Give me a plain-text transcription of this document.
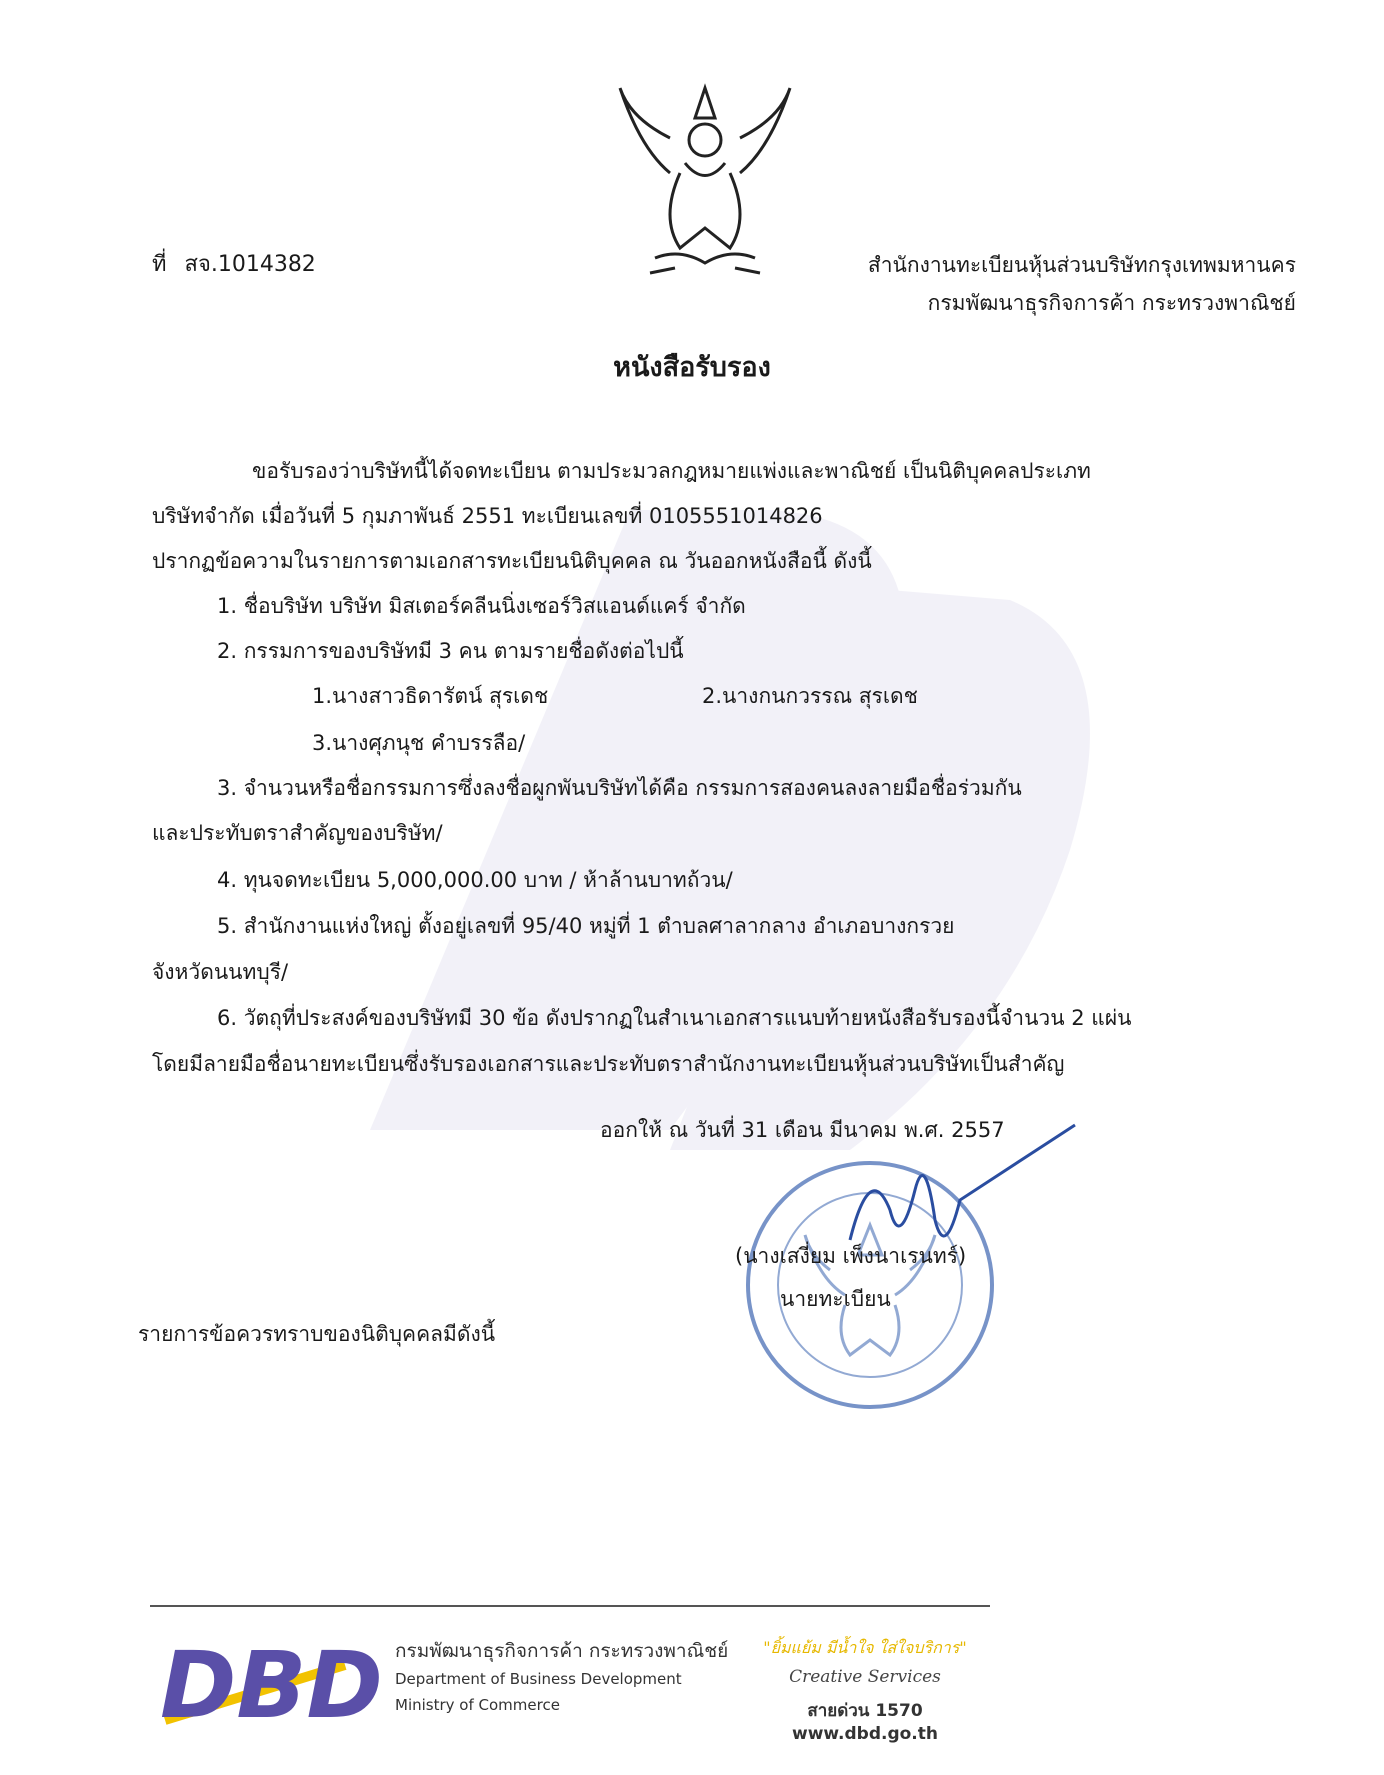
ที่ สจ.1014382	สำนักงานทะเบียนหุ้นส่วนบริษัทกรุงเทพมหานคร
กรมพัฒนาธุรกิจการค้า กระทรวงพาณิชย์
หนังสือรับรอง
ขอรับรองว่าบริษัทนี้ได้จดทะเบียน ตามประมวลกฎหมายแพ่งและพาณิชย์ เป็นนิติบุคคลประเภท
บริษัทจำกัด เมื่อวันที่ 5 กุมภาพันธ์ 2551 ทะเบียนเลขที่ 0105551014826
ปรากฏข้อความในรายการตามเอกสารทะเบียนนิติบุคคล ณ วันออกหนังสือนี้ ดังนี้
1. ชื่อบริษัท บริษัท มิสเตอร์คลีนนิ่งเซอร์วิสแอนด์แคร์ จำกัด
2. กรรมการของบริษัทมี 3 คน ตามรายชื่อดังต่อไปนี้
1.นางสาวธิดารัตน์ สุรเดช	2.นางกนกวรรณ สุรเดช
3.นางศุภนุช คำบรรลือ/
3. จำนวนหรือชื่อกรรมการซึ่งลงชื่อผูกพันบริษัทได้คือ กรรมการสองคนลงลายมือชื่อร่วมกัน
และประทับตราสำคัญของบริษัท/
4. ทุนจดทะเบียน 5,000,000.00 บาท / ห้าล้านบาทถ้วน/
5. สำนักงานแห่งใหญ่ ตั้งอยู่เลขที่ 95/40 หมู่ที่ 1 ตำบลศาลากลาง อำเภอบางกรวย
จังหวัดนนทบุรี/
6. วัตถุที่ประสงค์ของบริษัทมี 30 ข้อ ดังปรากฏในสำเนาเอกสารแนบท้ายหนังสือรับรองนี้จำนวน 2 แผ่น
โดยมีลายมือชื่อนายทะเบียนซึ่งรับรองเอกสารและประทับตราสำนักงานทะเบียนหุ้นส่วนบริษัทเป็นสำคัญ
ออกให้ ณ วันที่ 31 เดือน มีนาคม พ.ศ. 2557
(นางเสงี่ยม เพ็งนาเรนทร์)
นายทะเบียน
รายการข้อควรทราบของนิติบุคคลมีดังนี้
DBD กรมพัฒนาธุรกิจการค้า กระทรวงพาณิชย์
Department of Business Development
Ministry of Commerce
"ยิ้มแย้ม มีน้ำใจ ใส่ใจบริการ"
Creative Services
สายด่วน 1570 www.dbd.go.th
